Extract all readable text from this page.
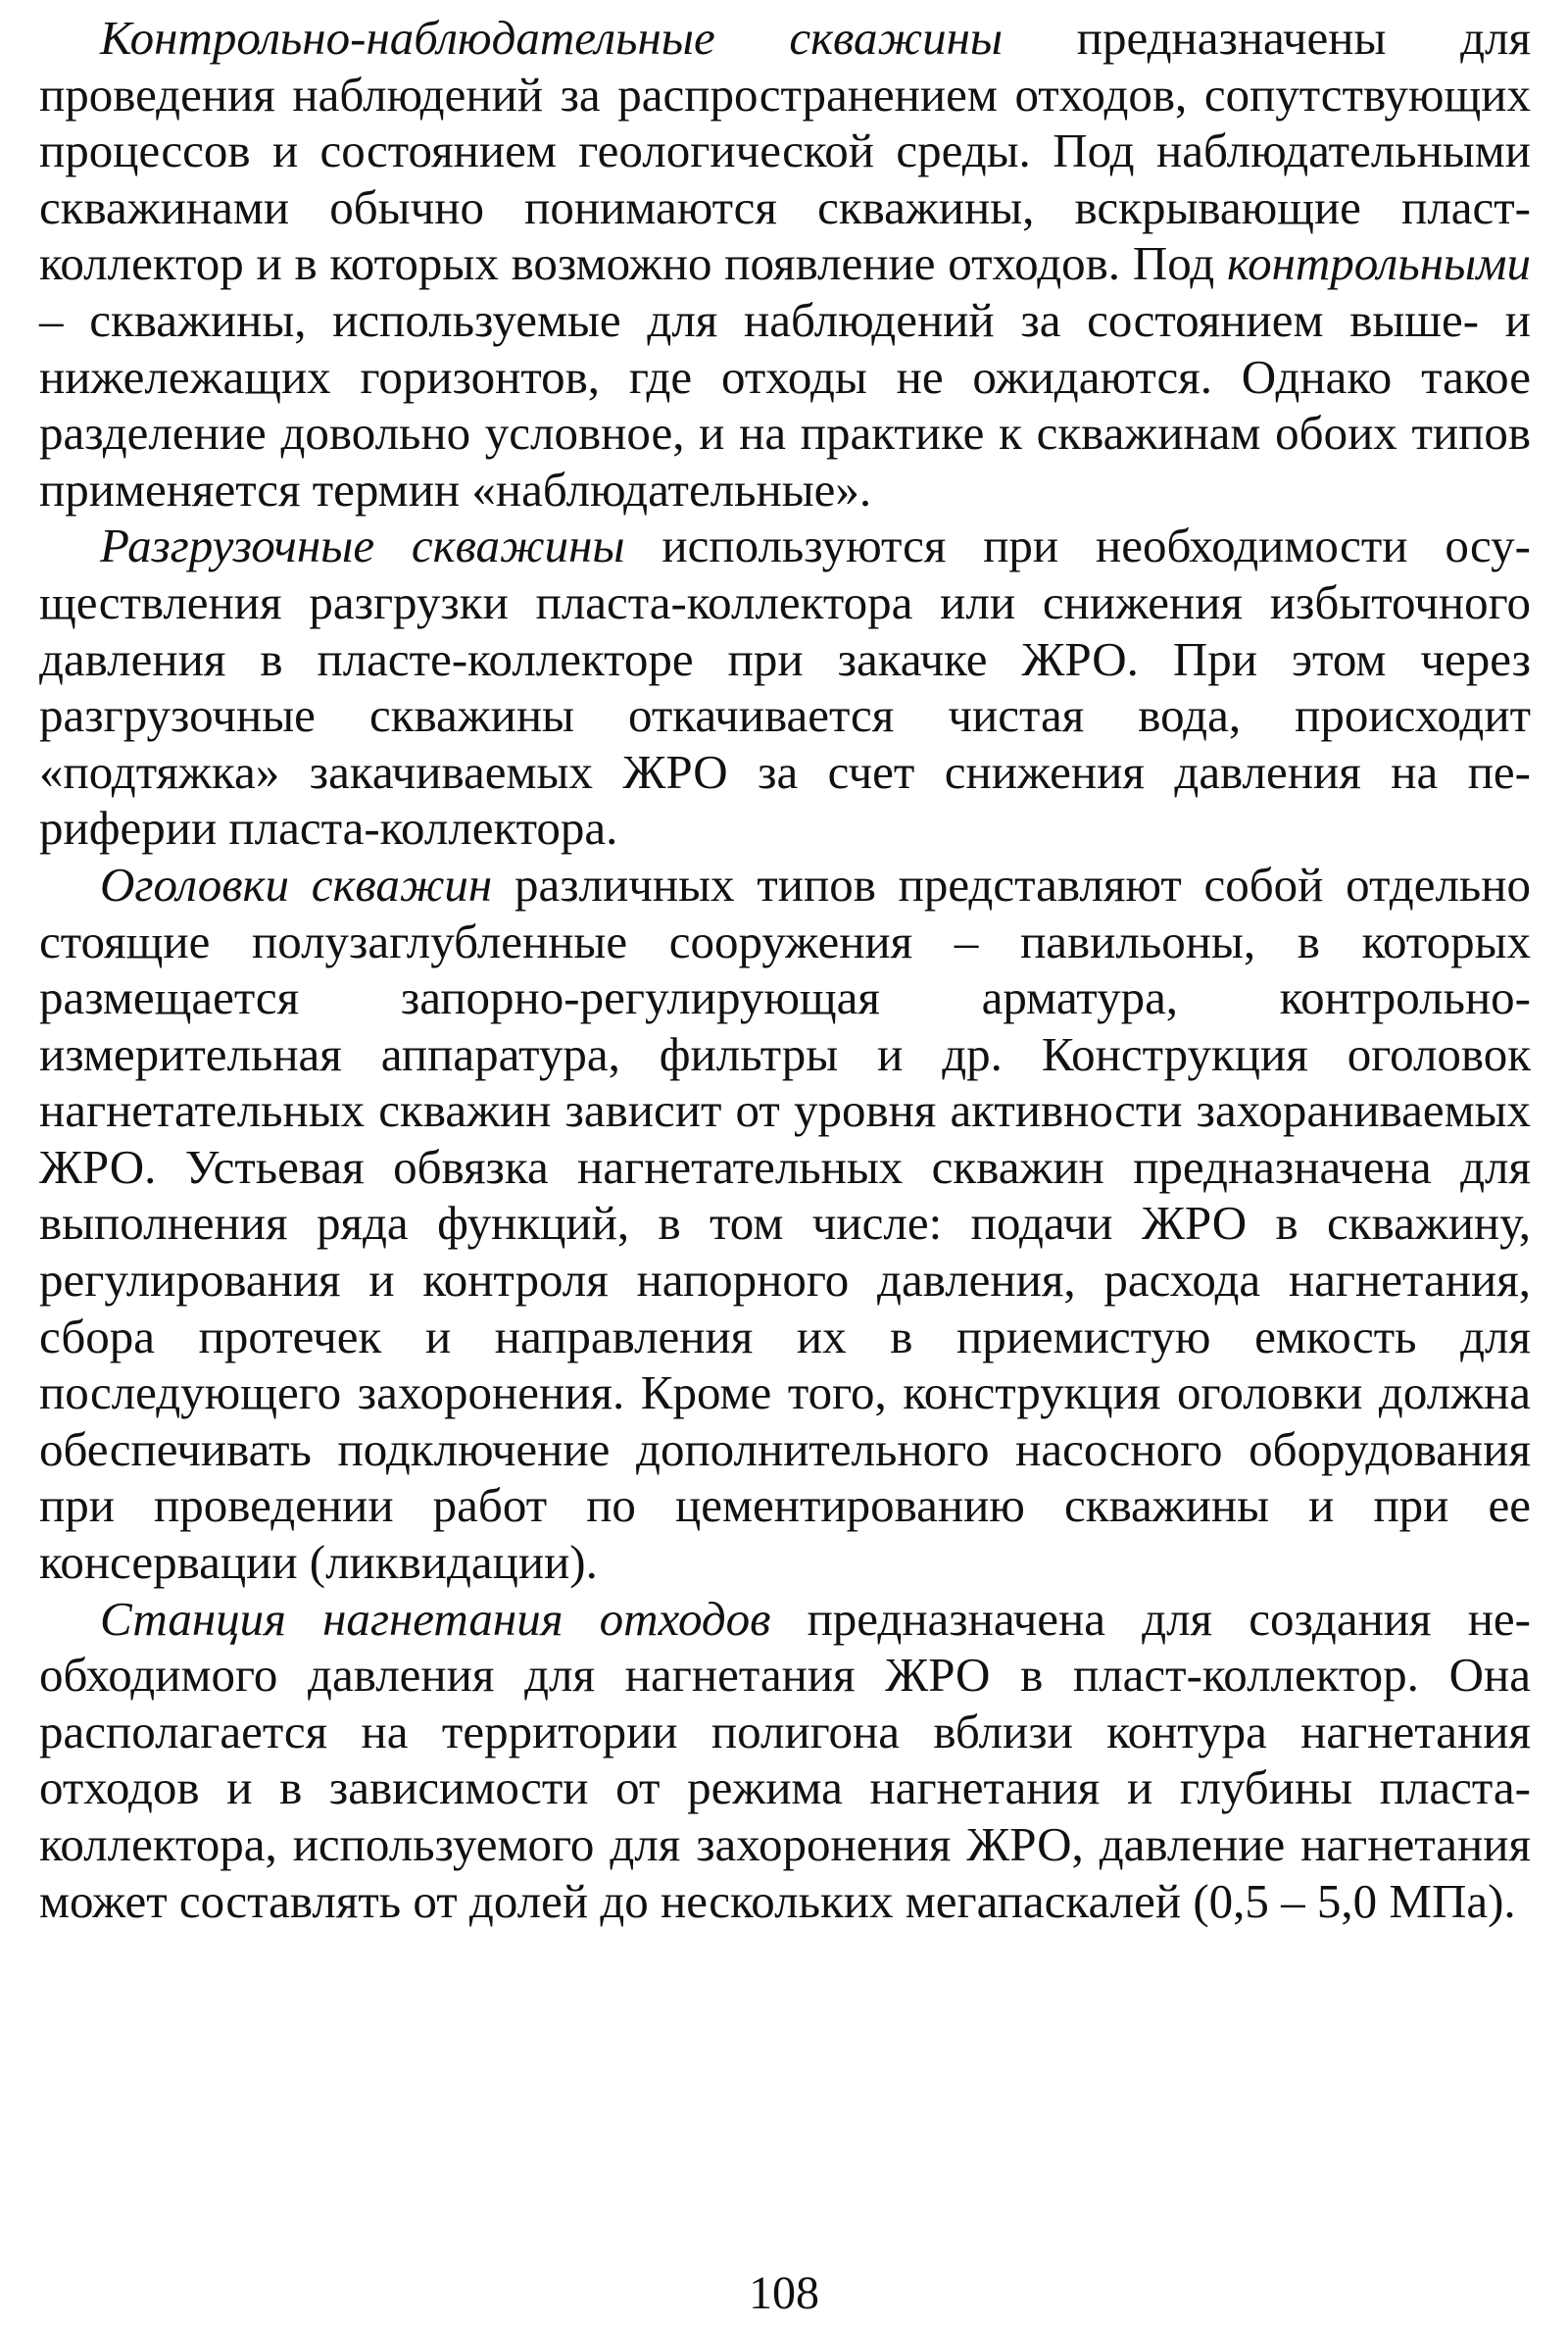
Контрольно-наблюдательные скважины предназначены для проведения наблюдений за распространением отходов, сопутствующих процессов и состоянием геологической среды. Под наблюдательными скважинами обычно понимаются скважины, вскрывающие пласт-коллектор и в которых возможно появление отходов. Под контрольными – скважины, используемые для наблюдений за состоянием выше- и нижележащих горизонтов, где отходы не ожидаются. Однако такое разделение довольно условное, и на практике к скважинам обоих типов применяется термин «наблюдательные».

Разгрузочные скважины используются при необходимости осуществления разгрузки пласта-коллектора или снижения избыточного давления в пласте-коллекторе при закачке ЖРО. При этом через разгрузочные скважины откачивается чистая вода, происходит «подтяжка» закачиваемых ЖРО за счет снижения давления на периферии пласта-коллектора.

Оголовки скважин различных типов представляют собой отдельно стоящие полузаглубленные сооружения – павильоны, в которых размещается запорно-регулирующая арматура, контрольно-измерительная аппаратура, фильтры и др. Конструкция оголовок нагнетательных скважин зависит от уровня активности захораниваемых ЖРО. Устьевая обвязка нагнетательных скважин предназначена для выполнения ряда функций, в том числе: подачи ЖРО в скважину, регулирования и контроля напорного давления, расхода нагнетания, сбора протечек и направления их в приемистую емкость для последующего захоронения. Кроме того, конструкция оголовки должна обеспечивать подключение дополнительного насосного оборудования при проведении работ по цементированию скважины и при ее консервации (ликвидации).

Станция нагнетания отходов предназначена для создания необходимого давления для нагнетания ЖРО в пласт-коллектор. Она располагается на территории полигона вблизи контура нагнетания отходов и в зависимости от режима нагнетания и глубины пласта-коллектора, используемого для захоронения ЖРО, давление нагнетания может составлять от долей до нескольких мегапаскалей (0,5 – 5,0 МПа).

108
